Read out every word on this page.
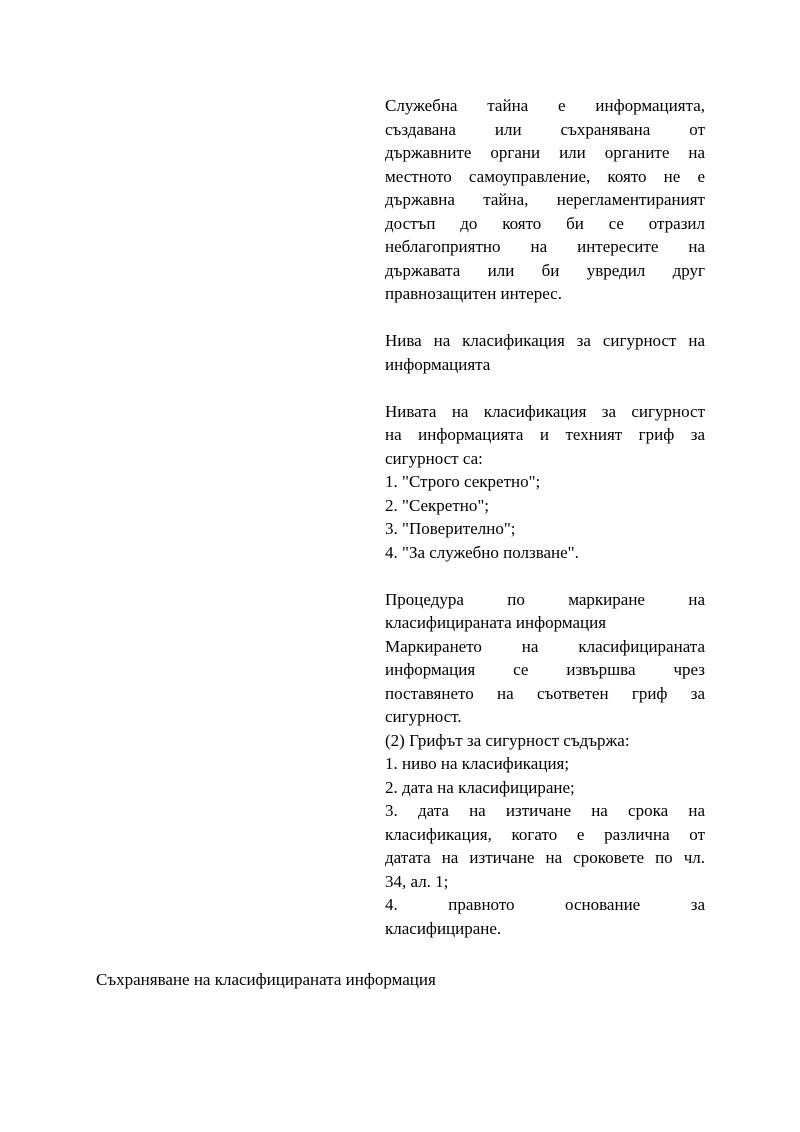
Служебна тайна е информацията,
създавана или съхранявана от
държавните органи или органите на
местното самоуправление, която не е
държавна тайна, нерегламентираният
достъп до която би се отразил
неблагоприятно на интересите на
държавата или би увредил друг
правнозащитен интерес.
Нива на класификация за сигурност на
информацията
Нивата на класификация за сигурност
на информацията и техният гриф за
сигурност са:
1. "Строго секретно";
2. "Секретно";
3. "Поверително";
4. "За служебно ползване".
Процедура по маркиране на
класифицираната информация
Маркирането на класифицираната
информация се извършва чрез
поставянето на съответен гриф за
сигурност.
(2) Грифът за сигурност съдържа:
1. ниво на класификация;
2. дата на класифициране;
3. дата на изтичане на срока на
класификация, когато е различна от
датата на изтичане на сроковете по чл.
34, ал. 1;
4. правното основание за
класифициране.
Съхраняване на класифицираната информация
